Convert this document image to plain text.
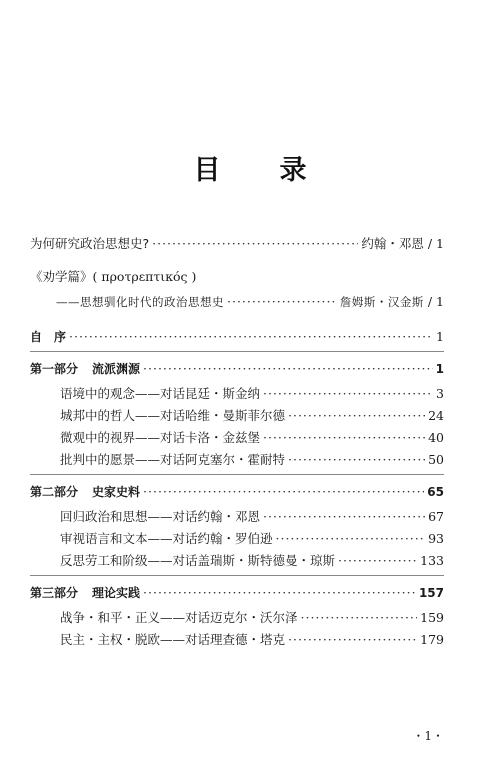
目　录
为何研究政治思想史? ·····	约翰・邓恩 / 1
《劝学篇》( προτρεπτικός )
——思想驯化时代的政治思想史 ·····	詹姆斯・汉金斯 / 1
自　序 ·····	1
第一部分 流派渊源 ·····	1
语境中的观念——对话昆廷・斯金纳 ·····	3
城邦中的哲人——对话哈维・曼斯菲尔德 ·····	24
微观中的视界——对话卡洛・金兹堡 ·····	40
批判中的愿景——对话阿克塞尔・霍耐特 ·····	50
第二部分 史家史料 ·····	65
回归政治和思想——对话约翰・邓恩 ·····	67
审视语言和文本——对话约翰・罗伯逊 ·····	93
反思劳工和阶级——对话盖瑞斯・斯特德曼・琼斯 ·····	133
第三部分 理论实践 ·····	157
战争・和平・正义——对话迈克尔・沃尔泽 ·····	159
民主・主权・脱欧——对话理查德・塔克 ·····	179
・1・
